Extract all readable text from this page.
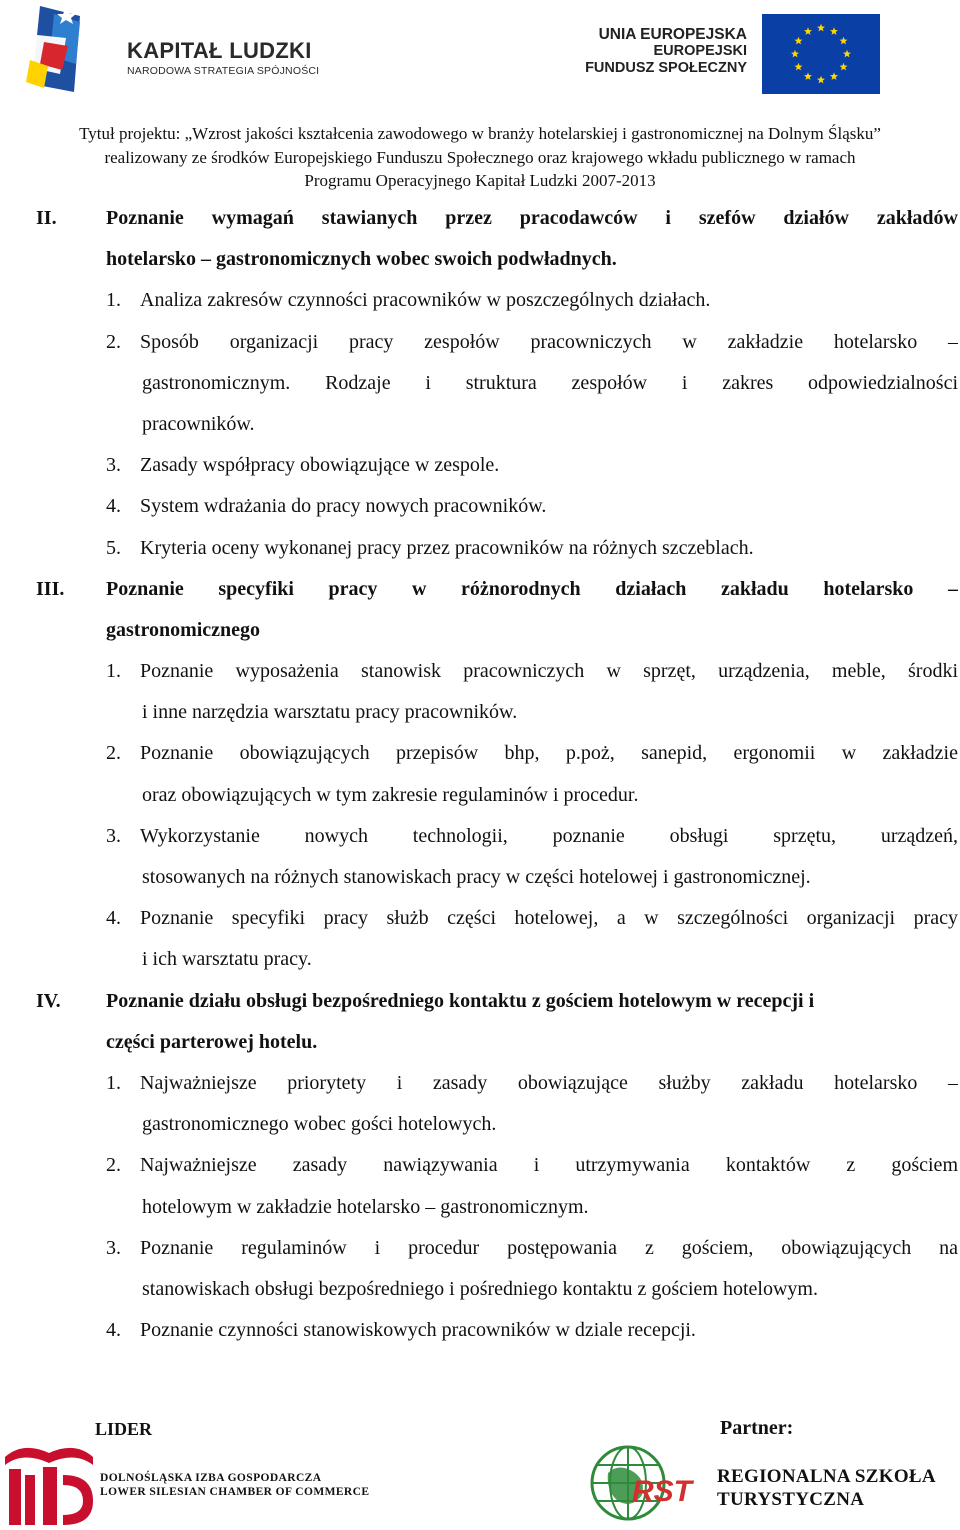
KAPITAŁ LUDZKI
NARODOWA STRATEGIA SPÓJNOŚCI
UNIA EUROPEJSKA
EUROPEJSKI
FUNDUSZ SPOŁECZNY
Tytuł projektu: „Wzrost jakości kształcenia zawodowego w branży hotelarskiej i gastronomicznej na Dolnym Śląsku”
realizowany ze środków Europejskiego Funduszu Społecznego oraz krajowego wkładu publicznego w ramach
Programu Operacyjnego Kapitał Ludzki 2007-2013
II. Poznanie wymagań stawianych przez pracodawców i szefów działów zakładów
hotelarsko – gastronomicznych wobec swoich podwładnych.
1. Analiza zakresów czynności pracowników w poszczególnych działach.
2. Sposób organizacji pracy zespołów pracowniczych w zakładzie hotelarsko –
gastronomicznym. Rodzaje i struktura zespołów i zakres odpowiedzialności
pracowników.
3. Zasady współpracy obowiązujące w zespole.
4. System wdrażania do pracy nowych pracowników.
5. Kryteria oceny wykonanej pracy przez pracowników na różnych szczeblach.
III. Poznanie specyfiki pracy w różnorodnych działach zakładu hotelarsko –
gastronomicznego
1. Poznanie wyposażenia stanowisk pracowniczych w sprzęt, urządzenia, meble, środki
i inne narzędzia warsztatu pracy pracowników.
2. Poznanie obowiązujących przepisów bhp, p.poż, sanepid, ergonomii w zakładzie
oraz obowiązujących w tym zakresie regulaminów i procedur.
3. Wykorzystanie nowych technologii, poznanie obsługi sprzętu, urządzeń,
stosowanych na różnych stanowiskach pracy w części hotelowej i gastronomicznej.
4. Poznanie specyfiki pracy służb części hotelowej, a w szczególności organizacji pracy
i ich warsztatu pracy.
IV. Poznanie działu obsługi bezpośredniego kontaktu z gościem hotelowym w recepcji i
części parterowej hotelu.
1. Najważniejsze priorytety i zasady obowiązujące służby zakładu hotelarsko –
gastronomicznego wobec gości hotelowych.
2. Najważniejsze zasady nawiązywania i utrzymywania kontaktów z gościem
hotelowym w zakładzie hotelarsko – gastronomicznym.
3. Poznanie regulaminów i procedur postępowania z gościem, obowiązujących na
stanowiskach obsługi bezpośredniego i pośredniego kontaktu z gościem hotelowym.
4. Poznanie czynności stanowiskowych pracowników w dziale recepcji.
LIDER	Partner:
DOLNOŚLĄSKA IZBA GOSPODARCZA
LOWER SILESIAN CHAMBER OF COMMERCE	RST REGIONALNA SZKOŁA
TURYSTYCZNA
